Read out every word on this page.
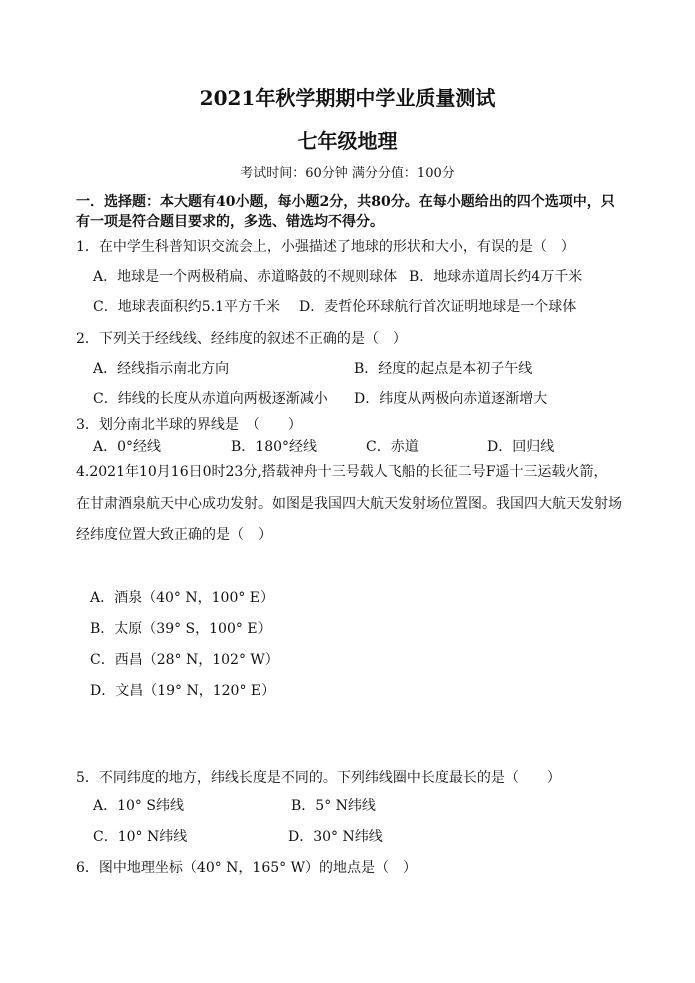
2021年秋学期期中学业质量测试
七年级地理
考试时间：60分钟 满分分值：100分
一．选择题：本大题有40小题，每小题2分，共80分。在每小题给出的四个选项中，只
有一项是符合题目要求的，多选、错选均不得分。
1．在中学生科普知识交流会上，小强描述了地球的形状和大小，有误的是（　）
A．地球是一个两极稍扁、赤道略鼓的不规则球体 B．地球赤道周长约4万千米
C．地球表面积约5.1平方千米 D．麦哲伦环球航行首次证明地球是一个球体
2．下列关于经线线、经纬度的叙述不正确的是（　）
A．经线指示南北方向	B．经度的起点是本初子午线
C．纬线的长度从赤道向两极逐渐减小 D．纬度从两极向赤道逐渐增大
3．划分南北半球的界线是　（　　）
A．0°经线	B．180°经线	C．赤道	D．回归线
4.2021年10月16日0时23分,搭载神舟十三号载人飞船的长征二号F遥十三运载火箭，
在甘肃酒泉航天中心成功发射。如图是我国四大航天发射场位置图。我国四大航天发射场
经纬度位置大致正确的是（　）
A．酒泉（40° N，100° E）
B．太原（39° S，100° E）
C．西昌（28° N，102° W）
D．文昌（19° N，120° E）
5．不同纬度的地方，纬线长度是不同的。下列纬线圈中长度最长的是（　　）
A．10° S纬线	B．5° N纬线
C．10° N纬线	D．30° N纬线
6．图中地理坐标（40° N，165° W）的地点是（　）
